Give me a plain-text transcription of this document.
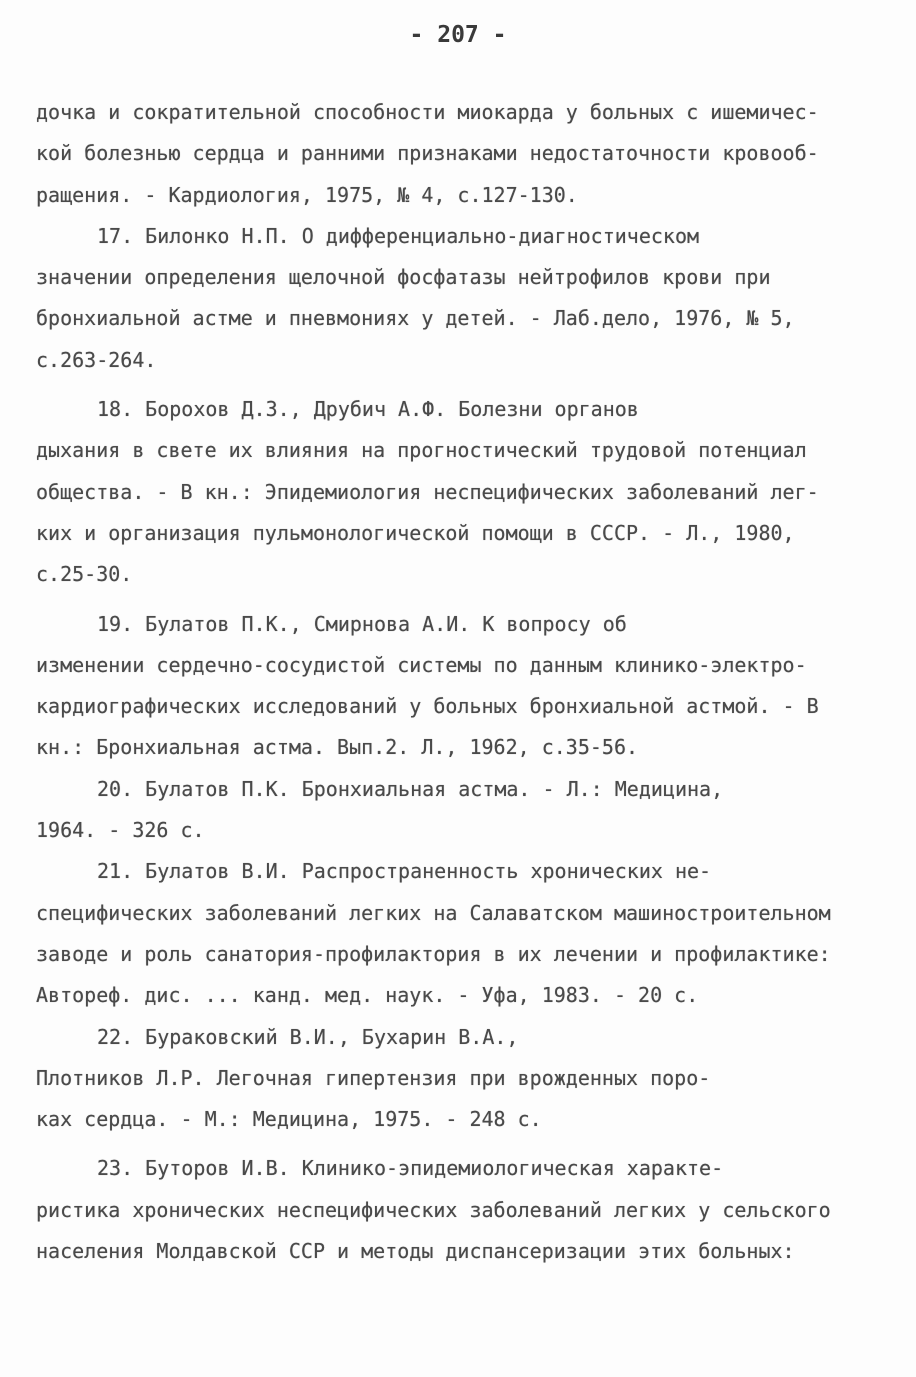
- 207 -
дочка и сократительной способности миокарда у больных с ишемичес-
кой болезнью сердца и ранними признаками недостаточности кровооб-
ращения. - Кардиология, 1975, № 4, с.127-130.
17. Билонко Н.П. О дифференциально-диагностическом
значении определения щелочной фосфатазы нейтрофилов крови при
бронхиальной астме и пневмониях у детей. - Лаб.дело, 1976, № 5,
с.263-264.
18. Борохов Д.З., Друбич А.Ф. Болезни органов
дыхания в свете их влияния на прогностический трудовой потенциал
общества. - В кн.: Эпидемиология неспецифических заболеваний лег-
ких и организация пульмонологической помощи в СССР. - Л., 1980,
с.25-30.
19. Булатов П.К., Смирнова А.И. К вопросу об
изменении сердечно-сосудистой системы по данным клинико-электро-
кардиографических исследований у больных бронхиальной астмой. - В
кн.: Бронхиальная астма. Вып.2. Л., 1962, с.35-56.
20. Булатов П.К. Бронхиальная астма. - Л.: Медицина,
1964. - 326 с.
21. Булатов В.И. Распространенность хронических не-
специфических заболеваний легких на Салаватском машиностроительном
заводе и роль санатория-профилактория в их лечении и профилактике:
Автореф. дис. ... канд. мед. наук. - Уфа, 1983. - 20 с.
22. Бураковский В.И., Бухарин В.А.,
Плотников Л.Р. Легочная гипертензия при врожденных поро-
ках сердца. - М.: Медицина, 1975. - 248 с.
23. Буторов И.В. Клинико-эпидемиологическая характе-
ристика хронических неспецифических заболеваний легких у сельского
населения Молдавской ССР и методы диспансеризации этих больных:
